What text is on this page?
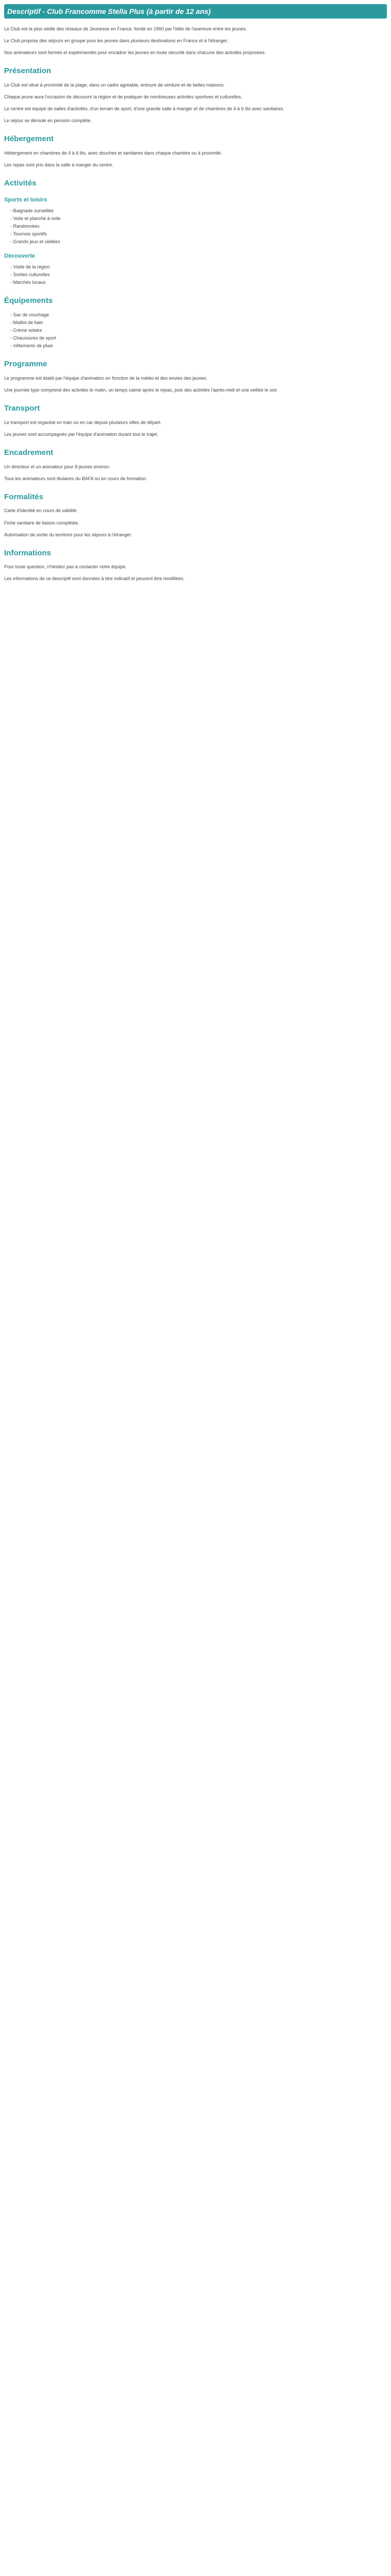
Descriptif - Club Francomme Stella Plus (à partir de 12 ans)

Le Club est la plus vieille des réseaux de Jeunesse en France, fondé en 1960 par l'idée de l'aventure entre les jeunes.

Le Club propose des séjours en groupe pour les jeunes dans plusieurs destinations en France et à l'étranger.

Nos animateurs sont formés et expérimentés pour encadrer les jeunes en toute sécurité dans chacune des activités proposées.

Présentation

Le Club est situé à proximité de la plage, dans un cadre agréable, entouré de verdure et de belles maisons.

Chaque jeune aura l'occasion de découvrir la région et de pratiquer de nombreuses activités sportives et culturelles.

Le centre est équipé de salles d'activités, d'un terrain de sport, d'une grande salle à manger et de chambres de 4 à 6 lits avec sanitaires.

Le séjour se déroule en pension complète.

Hébergement

Hébergement en chambres de 4 à 6 lits, avec douches et sanitaires dans chaque chambre ou à proximité.

Les repas sont pris dans la salle à manger du centre.

Activités
Sports et loisirs
- Baignade surveillée
- Voile et planche à voile
- Randonnées
- Tournois sportifs
- Grands jeux et veillées
Découverte
- Visite de la région
- Sorties culturelles
- Marchés locaux
Équipements
- Sac de couchage
- Maillot de bain
- Crème solaire
- Chaussures de sport
- Vêtements de pluie
Programme

Le programme est établi par l'équipe d'animation en fonction de la météo et des envies des jeunes.

Une journée type comprend des activités le matin, un temps calme après le repas, puis des activités l'après-midi et une veillée le soir.

Transport

Le transport est organisé en train ou en car depuis plusieurs villes de départ.

Les jeunes sont accompagnés par l'équipe d'animation durant tout le trajet.

Encadrement

Un directeur et un animateur pour 8 jeunes environ.

Tous les animateurs sont titulaires du BAFA ou en cours de formation.

Formalités

Carte d'identité en cours de validité.

Fiche sanitaire de liaison complétée.

Autorisation de sortie du territoire pour les séjours à l'étranger.

Informations

Pour toute question, n'hésitez pas à contacter notre équipe.

Les informations de ce descriptif sont données à titre indicatif et peuvent être modifiées.
